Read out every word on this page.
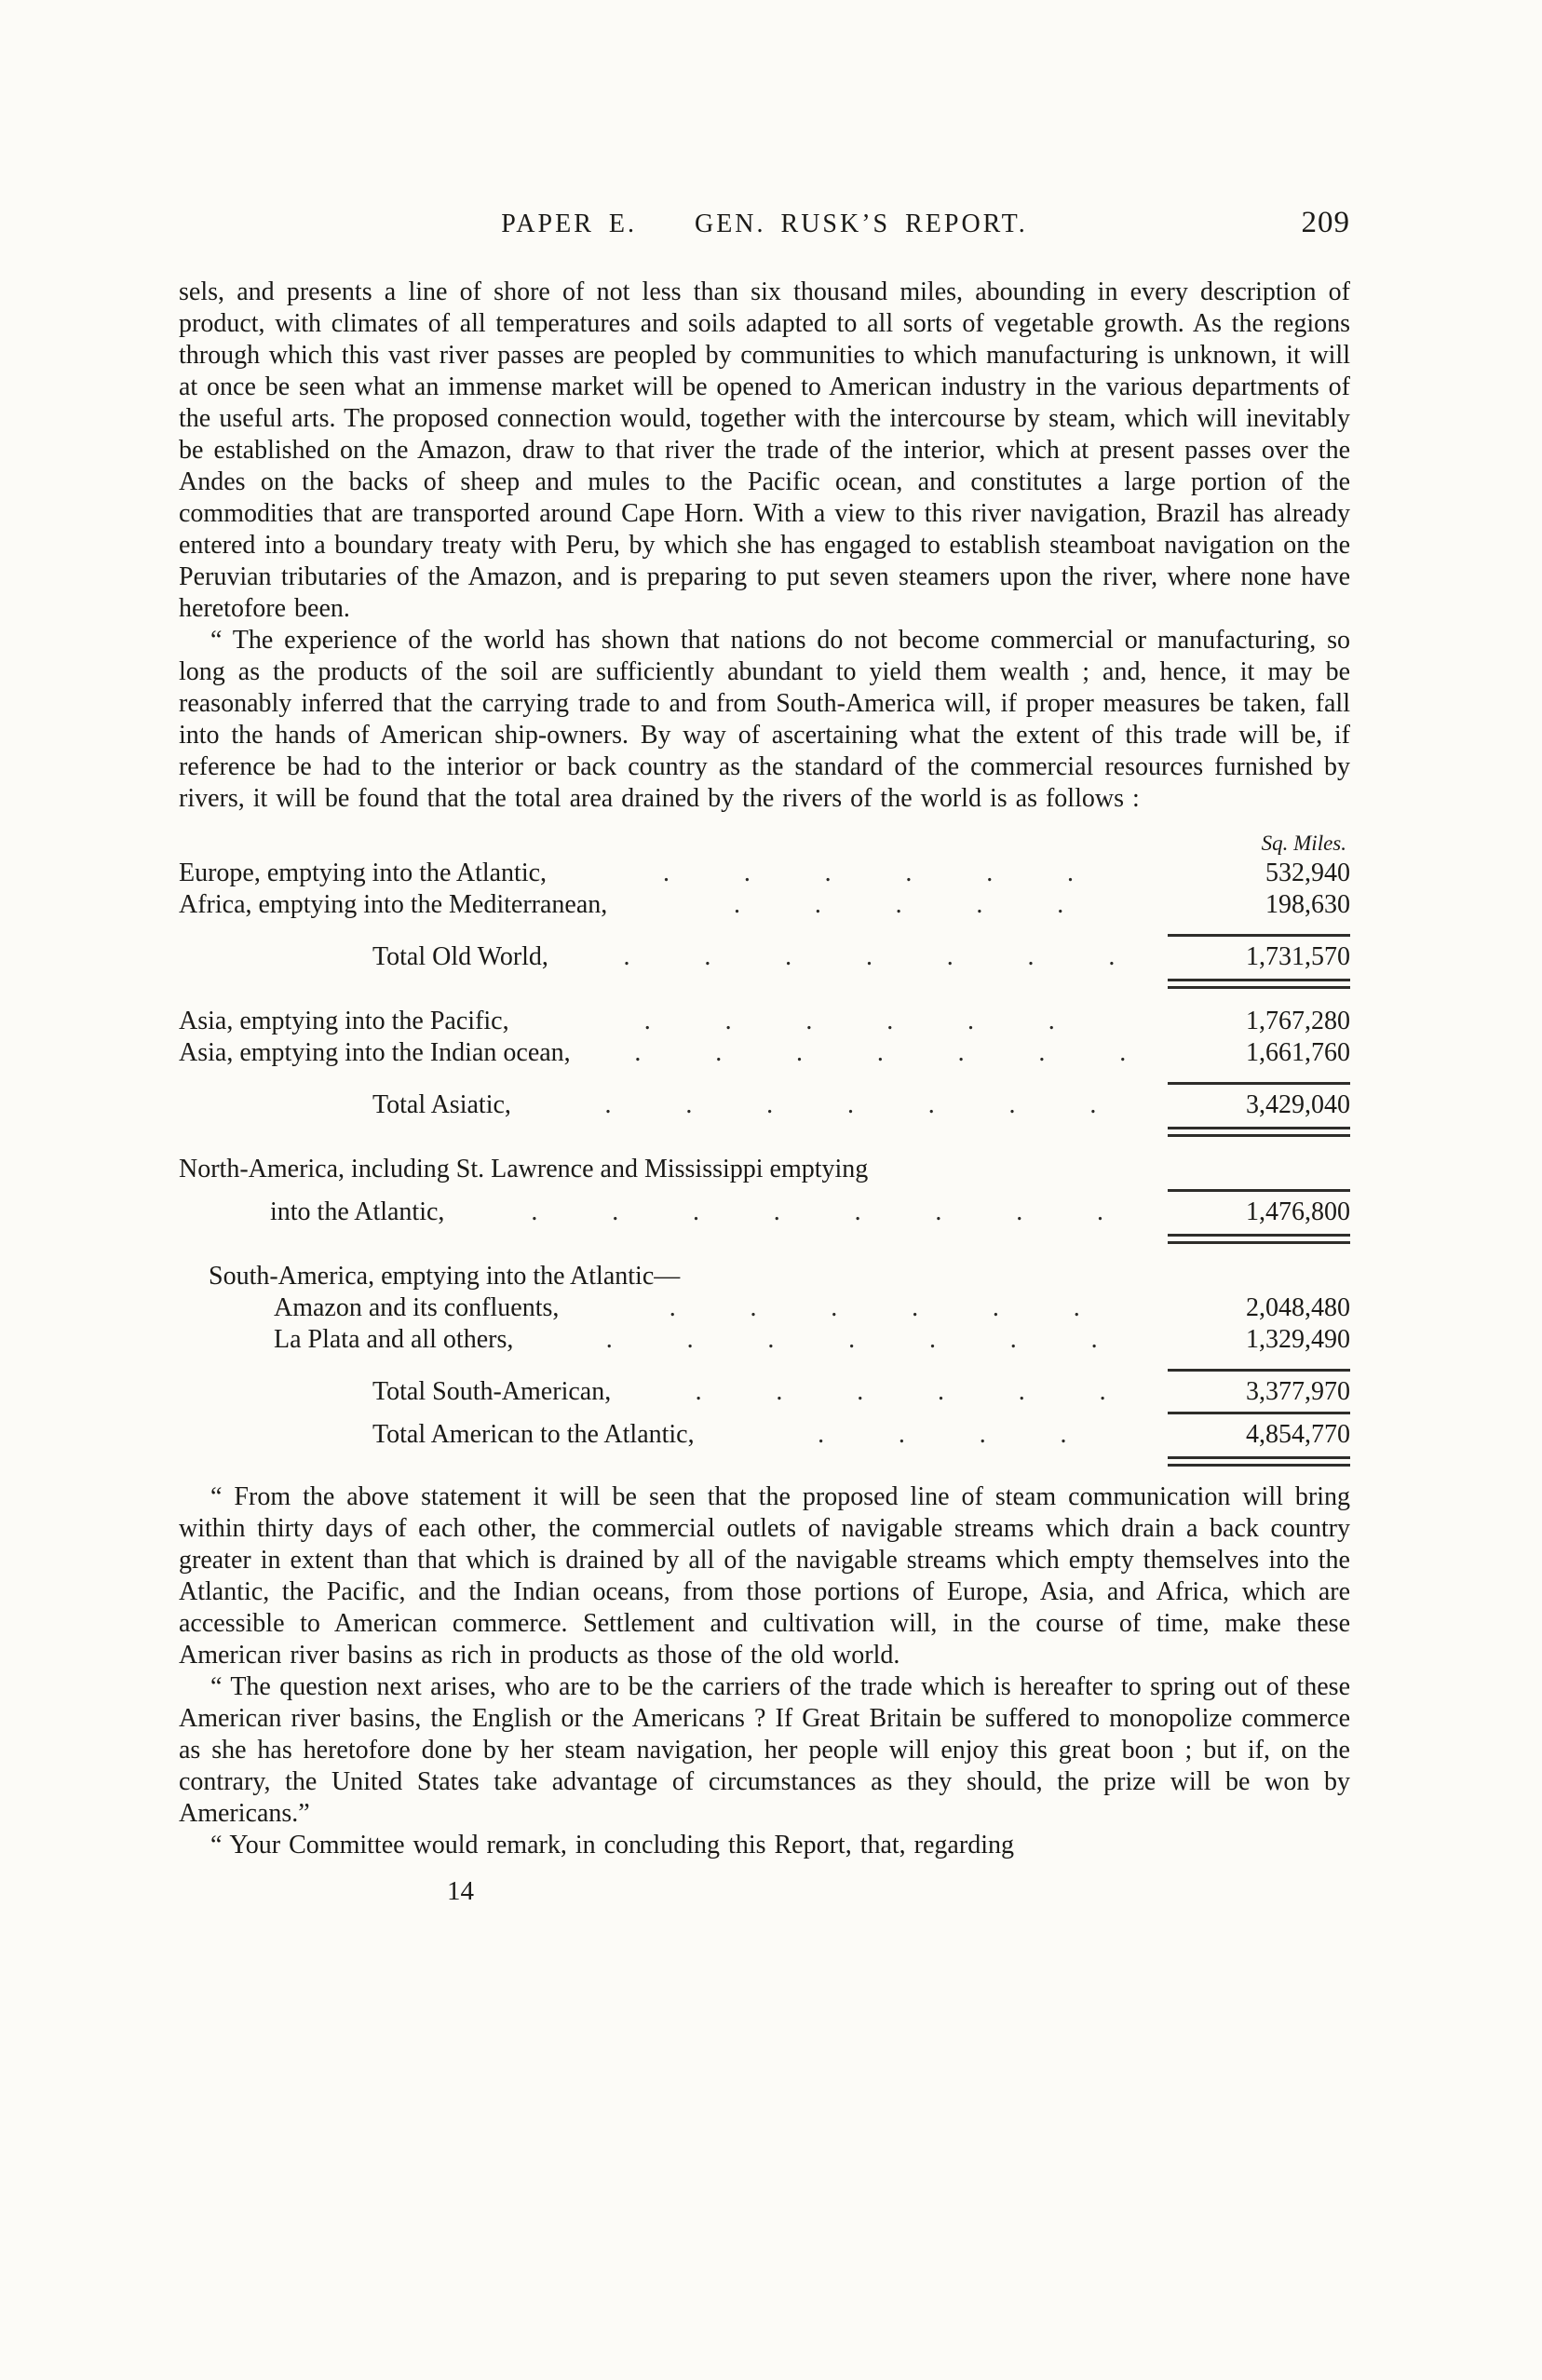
PAPER E.  GEN. RUSK’S REPORT.	209

sels, and presents a line of shore of not less than six thousand miles, abounding in every description of product, with climates of all temperatures and soils adapted to all sorts of vegetable growth. As the regions through which this vast river passes are peopled by communities to which manufacturing is unknown, it will at once be seen what an immense market will be opened to American industry in the various departments of the useful arts. The proposed connection would, together with the intercourse by steam, which will inevitably be established on the Amazon, draw to that river the trade of the interior, which at present passes over the Andes on the backs of sheep and mules to the Pacific ocean, and constitutes a large portion of the commodities that are transported around Cape Horn. With a view to this river navigation, Brazil has already entered into a boundary treaty with Peru, by which she has engaged to establish steamboat navigation on the Peruvian tributaries of the Amazon, and is preparing to put seven steamers upon the river, where none have heretofore been.

“ The experience of the world has shown that nations do not become commercial or manufacturing, so long as the products of the soil are sufficiently abundant to yield them wealth ; and, hence, it may be reasonably inferred that the carrying trade to and from South-America will, if proper measures be taken, fall into the hands of American ship-owners. By way of ascertaining what the extent of this trade will be, if reference be had to the interior or back country as the standard of the commercial resources furnished by rivers, it will be found that the total area drained by the rivers of the world is as follows :

Sq. Miles.
Europe, emptying into the Atlantic,	. . . . . .	532,940
Africa, emptying into the Mediterranean,	. . . . .	198,630
Total Old World,	. . . . . . .	1,731,570
Asia, emptying into the Pacific,	. . . . . .	1,767,280
Asia, emptying into the Indian ocean,	. . . . . . .	1,661,760
Total Asiatic,	. . . . . . .	3,429,040
North-America, including St. Lawrence and Mississippi emptying
into the Atlantic,	. . . . . . . .	1,476,800
South-America, emptying into the Atlantic—
Amazon and its confluents,	. . . . . .	2,048,480
La Plata and all others,	. . . . . . .	1,329,490
Total South-American,	. . . . . .	3,377,970
Total American to the Atlantic,	. . . .	4,854,770

“ From the above statement it will be seen that the proposed line of steam communication will bring within thirty days of each other, the commercial outlets of navigable streams which drain a back country greater in extent than that which is drained by all of the navigable streams which empty themselves into the Atlantic, the Pacific, and the Indian oceans, from those portions of Europe, Asia, and Africa, which are accessible to American commerce. Settlement and cultivation will, in the course of time, make these American river basins as rich in products as those of the old world.

“ The question next arises, who are to be the carriers of the trade which is hereafter to spring out of these American river basins, the English or the Americans ? If Great Britain be suffered to monopolize commerce as she has heretofore done by her steam navigation, her people will enjoy this great boon ; but if, on the contrary, the United States take advantage of circumstances as they should, the prize will be won by Americans.”

“ Your Committee would remark, in concluding this Report, that, regarding

14
